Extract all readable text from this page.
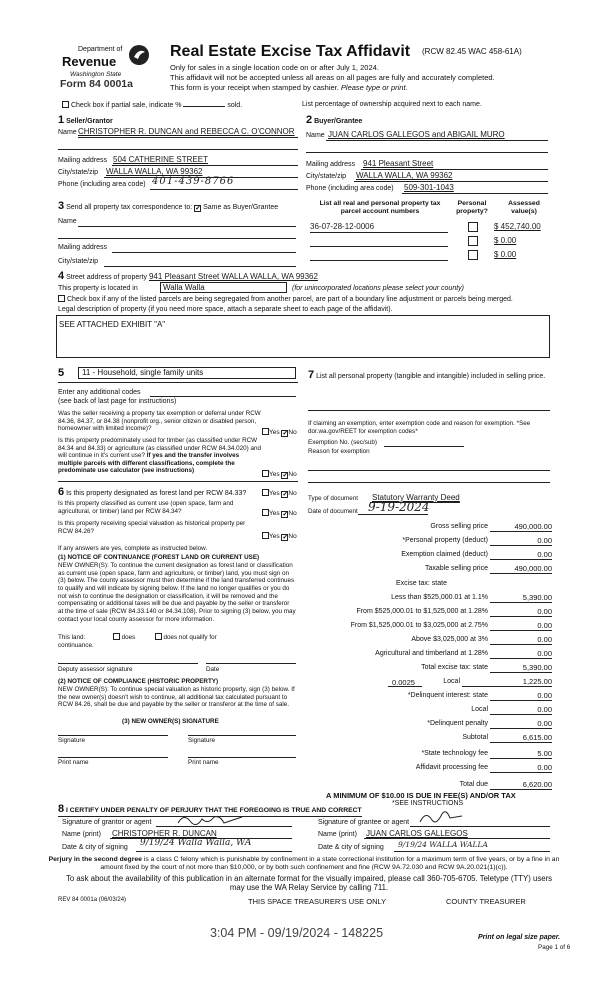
Department of
Revenue
Washington State
Form 84 0001a
Real Estate Excise Tax Affidavit (RCW 82.45 WAC 458-61A)
Only for sales in a single location code on or after July 1, 2024.
This affidavit will not be accepted unless all areas on all pages are fully and accurately completed.
This form is your receipt when stamped by cashier. Please type or print.
Check box if partial sale, indicate %	sold.	List percentage of ownership acquired next to each name.
1 Seller/Grantor
Name CHRISTOPHER R. DUNCAN and REBECCA C. O'CONNOR
Mailing address 504 CATHERINE STREET
City/state/zip WALLA WALLA, WA 99362
Phone (including area code) 401-439-8766
2 Buyer/Grantee
Name JUAN CARLOS GALLEGOS and ABIGAIL MURO
Mailing address 941 Pleasant Street
City/state/zip WALLA WALLA, WA 99362
Phone (including area code) 509-301-1043
3 Send all property tax correspondence to: ✓ Same as Buyer/Grantee
Name
Mailing address
City/state/zip
List all real and personal property tax parcel account numbers
Personal property?
Assessed value(s)
36-07-28-12-0006	$ 452,740.00
$ 0.00
$ 0.00
4 Street address of property 941 Pleasant Street WALLA WALLA, WA 99362
This property is located in	Walla Walla	(for unincorporated locations please select your county)
Check box if any of the listed parcels are being segregated from another parcel, are part of a boundary line adjustment or parcels being merged.
Legal description of property (if you need more space, attach a separate sheet to each page of the affidavit).
SEE ATTACHED EXHIBIT "A"
5	11 - Household, single family units
Enter any additional codes
(see back of last page for instructions)
Was the seller receiving a property tax exemption or deferral under RCW 84.36, 84.37, or 84.38 (nonprofit org., senior citizen or disabled person, homeowner with limited income)?
Yes ✓No
Is this property predominately used for timber (as classified under RCW 84.34 and 84.33) or agriculture (as classified under RCW 84.34.020) and will continue in it's current use? If yes and the transfer involves multiple parcels with different classifications, complete the predominate use calculator (see instructions)
Yes ✓No
6 Is this property designated as forest land per RCW 84.33?	Yes ✓No
Is this property classified as current use (open space, farm and agricultural, or timber) land per RCW 84.34?	Yes ✓No
Is this property receiving special valuation as historical property per RCW 84.26?
Yes ✓No
If any answers are yes, complete as instructed below.
(1) NOTICE OF CONTINUANCE (FOREST LAND OR CURRENT USE)
NEW OWNER(S): To continue the current designation as forest land or classification as current use (open space, farm and agriculture, or timber) land, you must sign on (3) below. The county assessor must then determine if the land transferred continues to qualify and will indicate by signing below. If the land no longer qualifies or you do not wish to continue the designation or classification, it will be removed and the compensating or additional taxes will be due and payable by the seller or transferor at the time of sale (RCW 84.33.140 or 84.34.108). Prior to signing (3) below, you may contact your local county assessor for more information.
This land:	does	does not qualify for
continuance.
Deputy assessor signature	Date
(2) NOTICE OF COMPLIANCE (HISTORIC PROPERTY)
NEW OWNER(S): To continue special valuation as historic property, sign (3) below. If the new owner(s) doesn't wish to continue, all additional tax calculated pursuant to RCW 84.26, shall be due and payable by the seller or transferor at the time of sale.
(3) NEW OWNER(S) SIGNATURE
Signature	Signature
Print name	Print name
7 List all personal property (tangible and intangible) included in selling price.
If claiming an exemption, enter exemption code and reason for exemption. *See dor.wa.gov/REET for exemption codes*
Exemption No. (sec/sub)
Reason for exemption
Type of document Statutory Warranty Deed
Date of document 9-19-2024
Gross selling price	490,000.00
*Personal property (deduct)	0.00
Exemption claimed (deduct)	0.00
Taxable selling price	490,000.00
Excise tax: state
Less than $525,000.01 at 1.1%	5,390.00
From $525,000.01 to $1,525,000 at 1.28%	0.00
From $1,525,000.01 to $3,025,000 at 2.75%	0.00
Above $3,025,000 at 3%	0.00
Agricultural and timberland at 1.28%	0.00
Total excise tax: state	5,390.00
0.0025	Local	1,225.00
*Delinquent interest: state	0.00
Local	0.00
*Delinquent penalty	0.00
Subtotal	6,615.00
*State technology fee	5.00
Affidavit processing fee	0.00
Total due	6,620.00
A MINIMUM OF $10.00 IS DUE IN FEE(S) AND/OR TAX
*SEE INSTRUCTIONS
8 I CERTIFY UNDER PENALTY OF PERJURY THAT THE FOREGOING IS TRUE AND CORRECT
Signature of grantor or agent
Name (print) CHRISTOPHER R. DUNCAN
Date & city of signing 9/19/24 Walla Walla, WA
Signature of grantee or agent
Name (print) JUAN CARLOS GALLEGOS
Date & city of signing 9/19/24 WALLA WALLA
Perjury in the second degree is a class C felony which is punishable by confinement in a state correctional institution for a maximum term of five years, or by a fine in an amount fixed by the court of not more than $10,000, or by both such confinement and fine (RCW 9A.72.030 and RCW 9A.20.021(1)(c)).
To ask about the availability of this publication in an alternate format for the visually impaired, please call 360-705-6705. Teletype (TTY) users may use the WA Relay Service by calling 711.
REV 84 0001a (06/03/24)	THIS SPACE TREASURER'S USE ONLY	COUNTY TREASURER
3:04 PM - 09/19/2024 - 148225	Print on legal size paper.
Page 1 of 6
